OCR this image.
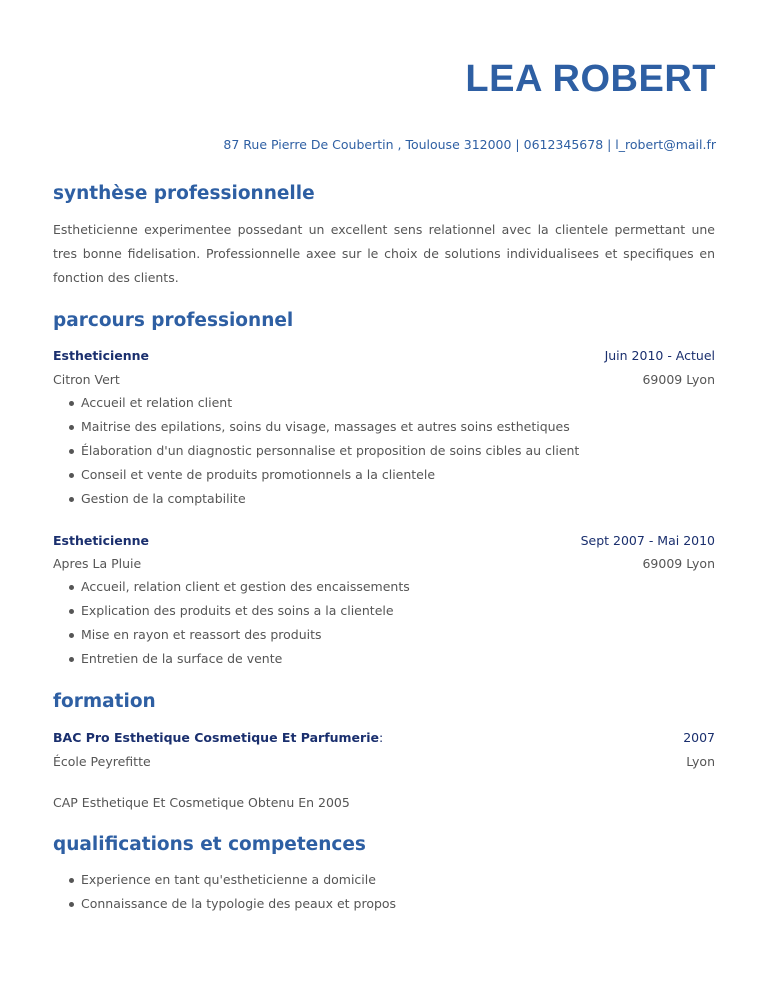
LEA ROBERT
87 Rue Pierre De Coubertin , Toulouse 312000 | 0612345678 | l_robert@mail.fr
synthèse professionnelle

Estheticienne experimentee possedant un excellent sens relationnel avec la clientele permettant une tres bonne fidelisation. Professionnelle axee sur le choix de solutions individualisees et specifiques en fonction des clients.

parcours professionnel
Estheticienne	Juin 2010 - Actuel
Citron Vert	69009 Lyon
Accueil et relation client
Maitrise des epilations, soins du visage, massages et autres soins esthetiques
Élaboration d'un diagnostic personnalise et proposition de soins cibles au client
Conseil et vente de produits promotionnels a la clientele
Gestion de la comptabilite
Estheticienne	Sept 2007 - Mai 2010
Apres La Pluie	69009 Lyon
Accueil, relation client et gestion des encaissements
Explication des produits et des soins a la clientele
Mise en rayon et reassort des produits
Entretien de la surface de vente
formation
BAC Pro Esthetique Cosmetique Et Parfumerie:	2007
École Peyrefitte	Lyon
CAP Esthetique Et Cosmetique Obtenu En 2005
qualifications et competences
Experience en tant qu'estheticienne a domicile
Connaissance de la typologie des peaux et propos
